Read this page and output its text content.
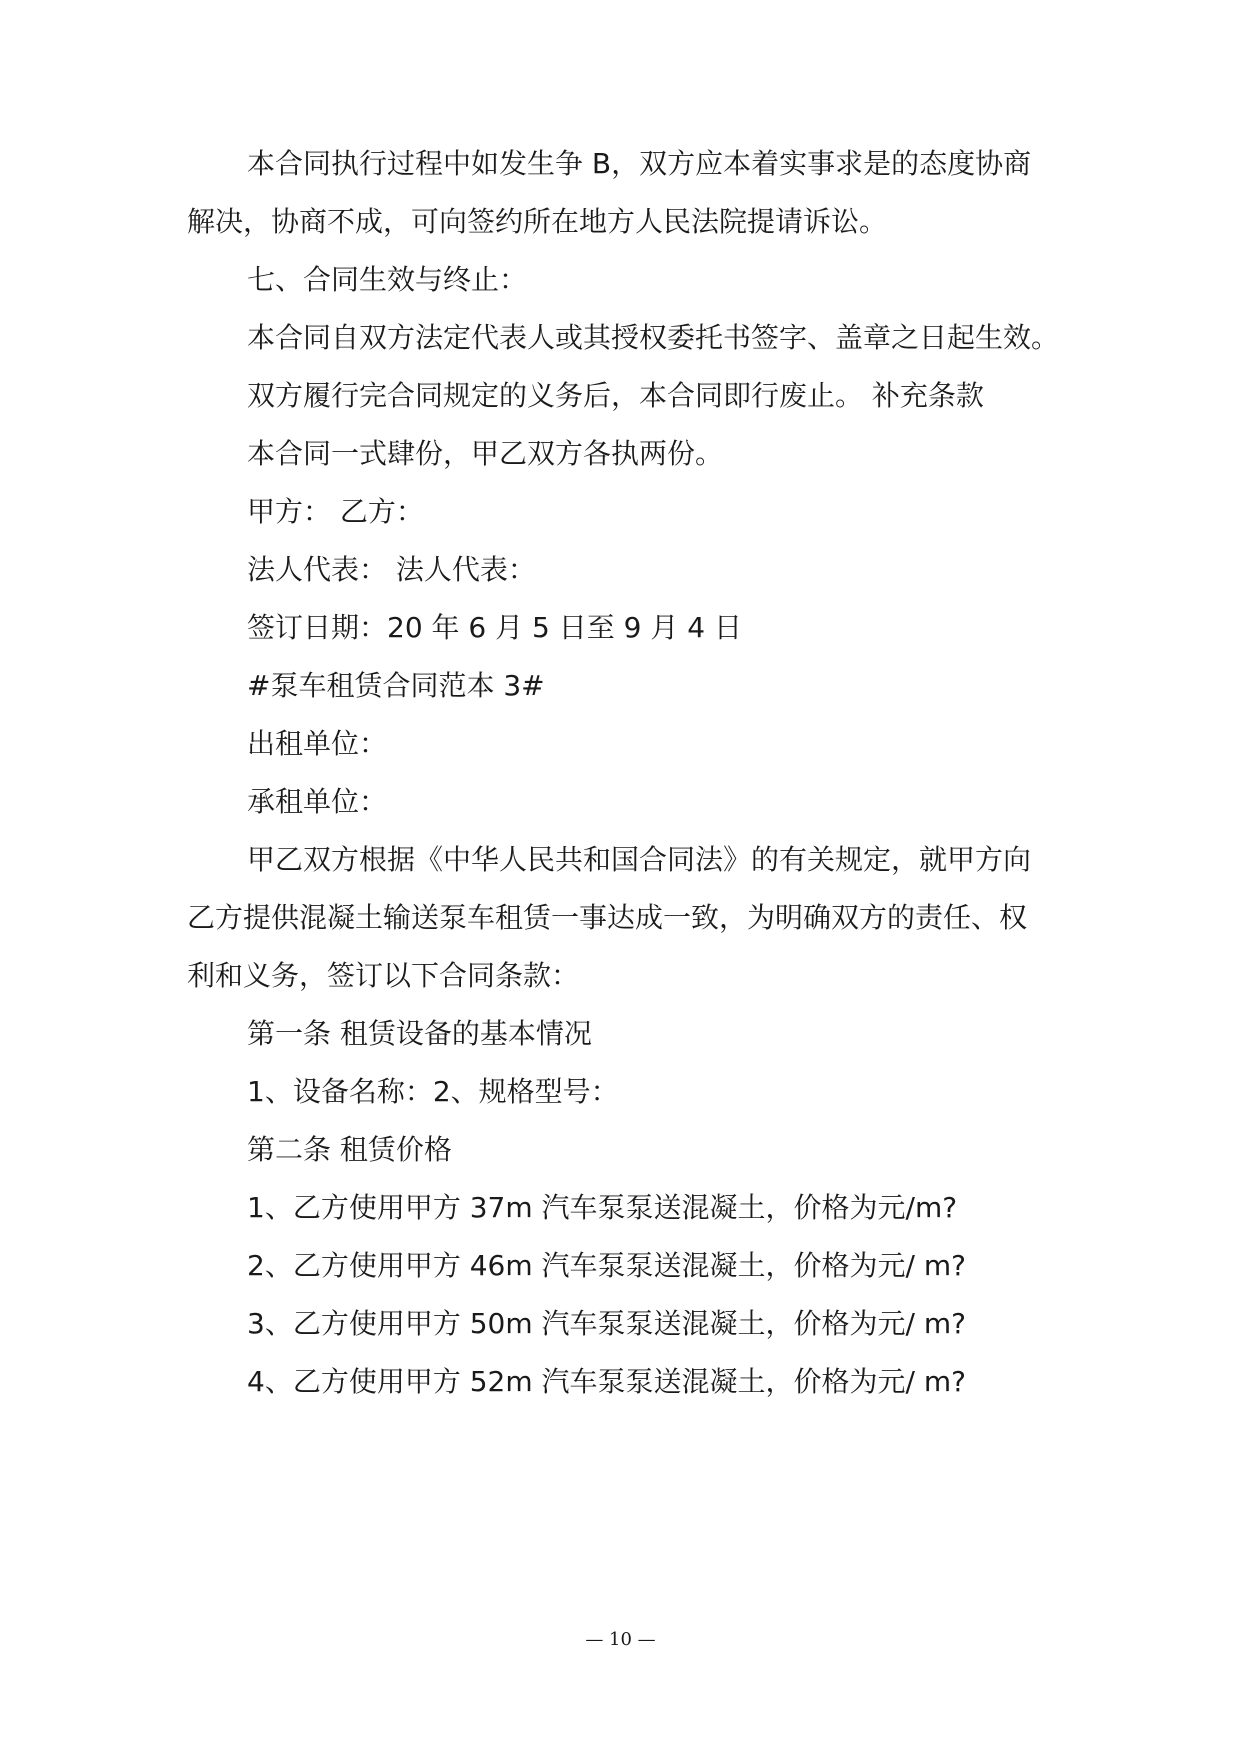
本合同执行过程中如发生争 B，双方应本着实事求是的态度协商

解决，协商不成，可向签约所在地方人民法院提请诉讼。

七、合同生效与终止：

本合同自双方法定代表人或其授权委托书签字、盖章之日起生效。

双方履行完合同规定的义务后，本合同即行废止。 补充条款

本合同一式肆份，甲乙双方各执两份。

甲方： 乙方：

法人代表： 法人代表：

签订日期：20 年 6 月 5 日至 9 月 4 日

#泵车租赁合同范本 3#

出租单位：

承租单位：

甲乙双方根据《中华人民共和国合同法》的有关规定，就甲方向

乙方提供混凝土输送泵车租赁一事达成一致，为明确双方的责任、权

利和义务，签订以下合同条款：

第一条 租赁设备的基本情况

1、设备名称：2、规格型号：

第二条 租赁价格

1、乙方使用甲方 37m 汽车泵泵送混凝土，价格为元/m?

2、乙方使用甲方 46m 汽车泵泵送混凝土，价格为元/ m?

3、乙方使用甲方 50m 汽车泵泵送混凝土，价格为元/ m?

4、乙方使用甲方 52m 汽车泵泵送混凝土，价格为元/ m?

— 10 —
